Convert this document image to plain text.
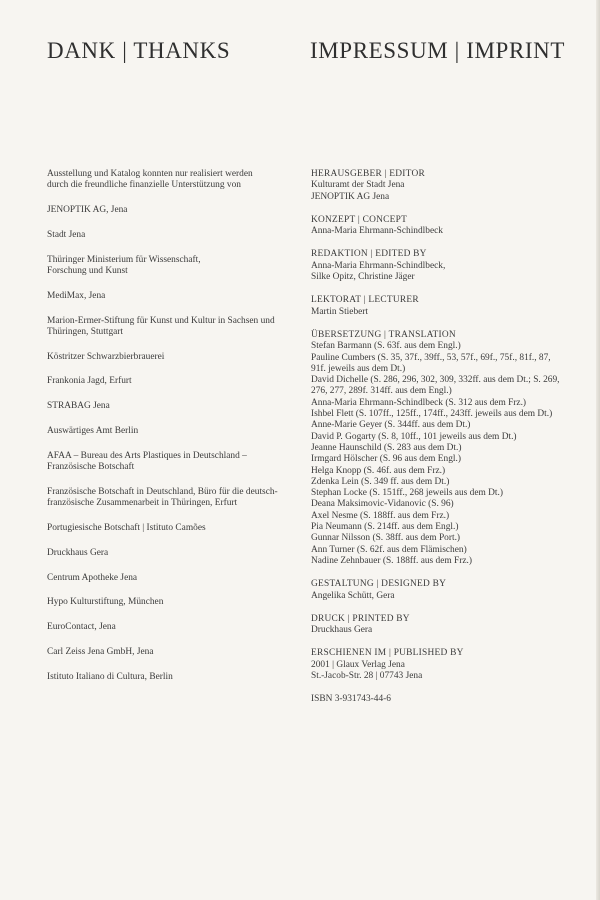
DANK | THANKS	IMPRESSUM | IMPRINT
Ausstellung und Katalog konnten nur realisiert werden
durch die freundliche finanzielle Unterstützung von
JENOPTIK AG, Jena
Stadt Jena
Thüringer Ministerium für Wissenschaft,
Forschung und Kunst
MediMax, Jena
Marion-Ermer-Stiftung für Kunst und Kultur in Sachsen und
Thüringen, Stuttgart
Köstritzer Schwarzbierbrauerei
Frankonia Jagd, Erfurt
STRABAG Jena
Auswärtiges Amt Berlin
AFAA – Bureau des Arts Plastiques in Deutschland –
Französische Botschaft
Französische Botschaft in Deutschland, Büro für die deutsch-
französische Zusammenarbeit in Thüringen, Erfurt
Portugiesische Botschaft | Istituto Camões
Druckhaus Gera
Centrum Apotheke Jena
Hypo Kulturstiftung, München
EuroContact, Jena
Carl Zeiss Jena GmbH, Jena
Istituto Italiano di Cultura, Berlin
HERAUSGEBER | EDITOR
Kulturamt der Stadt Jena
JENOPTIK AG Jena
KONZEPT | CONCEPT
Anna-Maria Ehrmann-Schindlbeck
REDAKTION | EDITED BY
Anna-Maria Ehrmann-Schindlbeck,
Silke Opitz, Christine Jäger
LEKTORAT | LECTURER
Martin Stiebert
ÜBERSETZUNG | TRANSLATION
Stefan Barmann (S. 63f. aus dem Engl.)
Pauline Cumbers (S. 35, 37f., 39ff., 53, 57f., 69f., 75f., 81f., 87,
91f. jeweils aus dem Dt.)
David Dichelle (S. 286, 296, 302, 309, 332ff. aus dem Dt.; S. 269,
276, 277, 289f. 314ff. aus dem Engl.)
Anna-Maria Ehrmann-Schindlbeck (S. 312 aus dem Frz.)
Ishbel Flett (S. 107ff., 125ff., 174ff., 243ff. jeweils aus dem Dt.)
Anne-Marie Geyer (S. 344ff. aus dem Dt.)
David P. Gogarty (S. 8, 10ff., 101 jeweils aus dem Dt.)
Jeanne Haunschild (S. 283 aus dem Dt.)
Irmgard Hölscher (S. 96 aus dem Engl.)
Helga Knopp (S. 46f. aus dem Frz.)
Zdenka Lein (S. 349 ff. aus dem Dt.)
Stephan Locke (S. 151ff., 268 jeweils aus dem Dt.)
Deana Maksimovic-Vidanovic (S. 96)
Axel Nesme (S. 188ff. aus dem Frz.)
Pia Neumann (S. 214ff. aus dem Engl.)
Gunnar Nilsson (S. 38ff. aus dem Port.)
Ann Turner (S. 62f. aus dem Flämischen)
Nadine Zehnbauer (S. 188ff. aus dem Frz.)
GESTALTUNG | DESIGNED BY
Angelika Schütt, Gera
DRUCK | PRINTED BY
Druckhaus Gera
ERSCHIENEN IM | PUBLISHED BY
2001 | Glaux Verlag Jena
St.-Jacob-Str. 28 | 07743 Jena
ISBN 3-931743-44-6
